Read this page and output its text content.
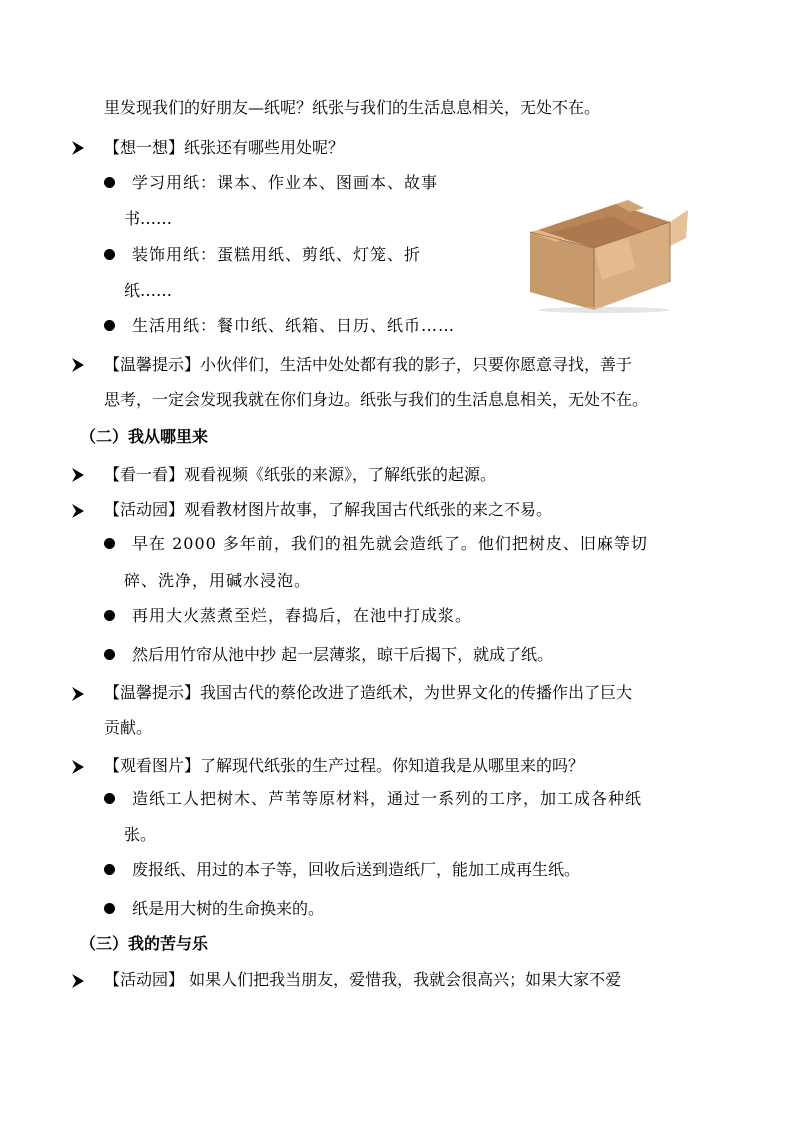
里发现我们的好朋友—纸呢？纸张与我们的生活息息相关，无处不在。
【想一想】纸张还有哪些用处呢？
学习用纸：课本、作业本、图画本、故事
书……
装饰用纸：蛋糕用纸、剪纸、灯笼、折
纸……
生活用纸：餐巾纸、纸箱、日历、纸币……
【温馨提示】小伙伴们，生活中处处都有我的影子，只要你愿意寻找，善于
思考，一定会发现我就在你们身边。纸张与我们的生活息息相关，无处不在。
（二）我从哪里来
【看一看】观看视频《纸张的来源》，了解纸张的起源。
【活动园】观看教材图片故事，了解我国古代纸张的来之不易。
早在 2000 多年前，我们的祖先就会造纸了。他们把树皮、旧麻等切
碎、洗净，用碱水浸泡。
再用大火蒸煮至烂，舂捣后，在池中打成浆。
然后用竹帘从池中抄 起一层薄浆，晾干后揭下，就成了纸。
【温馨提示】我国古代的蔡伦改进了造纸术，为世界文化的传播作出了巨大
贡献。
【观看图片】了解现代纸张的生产过程。你知道我是从哪里来的吗？
造纸工人把树木、芦苇等原材料，通过一系列的工序，加工成各种纸
张。
废报纸、用过的本子等，回收后送到造纸厂，能加工成再生纸。
纸是用大树的生命换来的。
（三）我的苦与乐
【活动园】 如果人们把我当朋友，爱惜我，我就会很高兴；如果大家不爱
